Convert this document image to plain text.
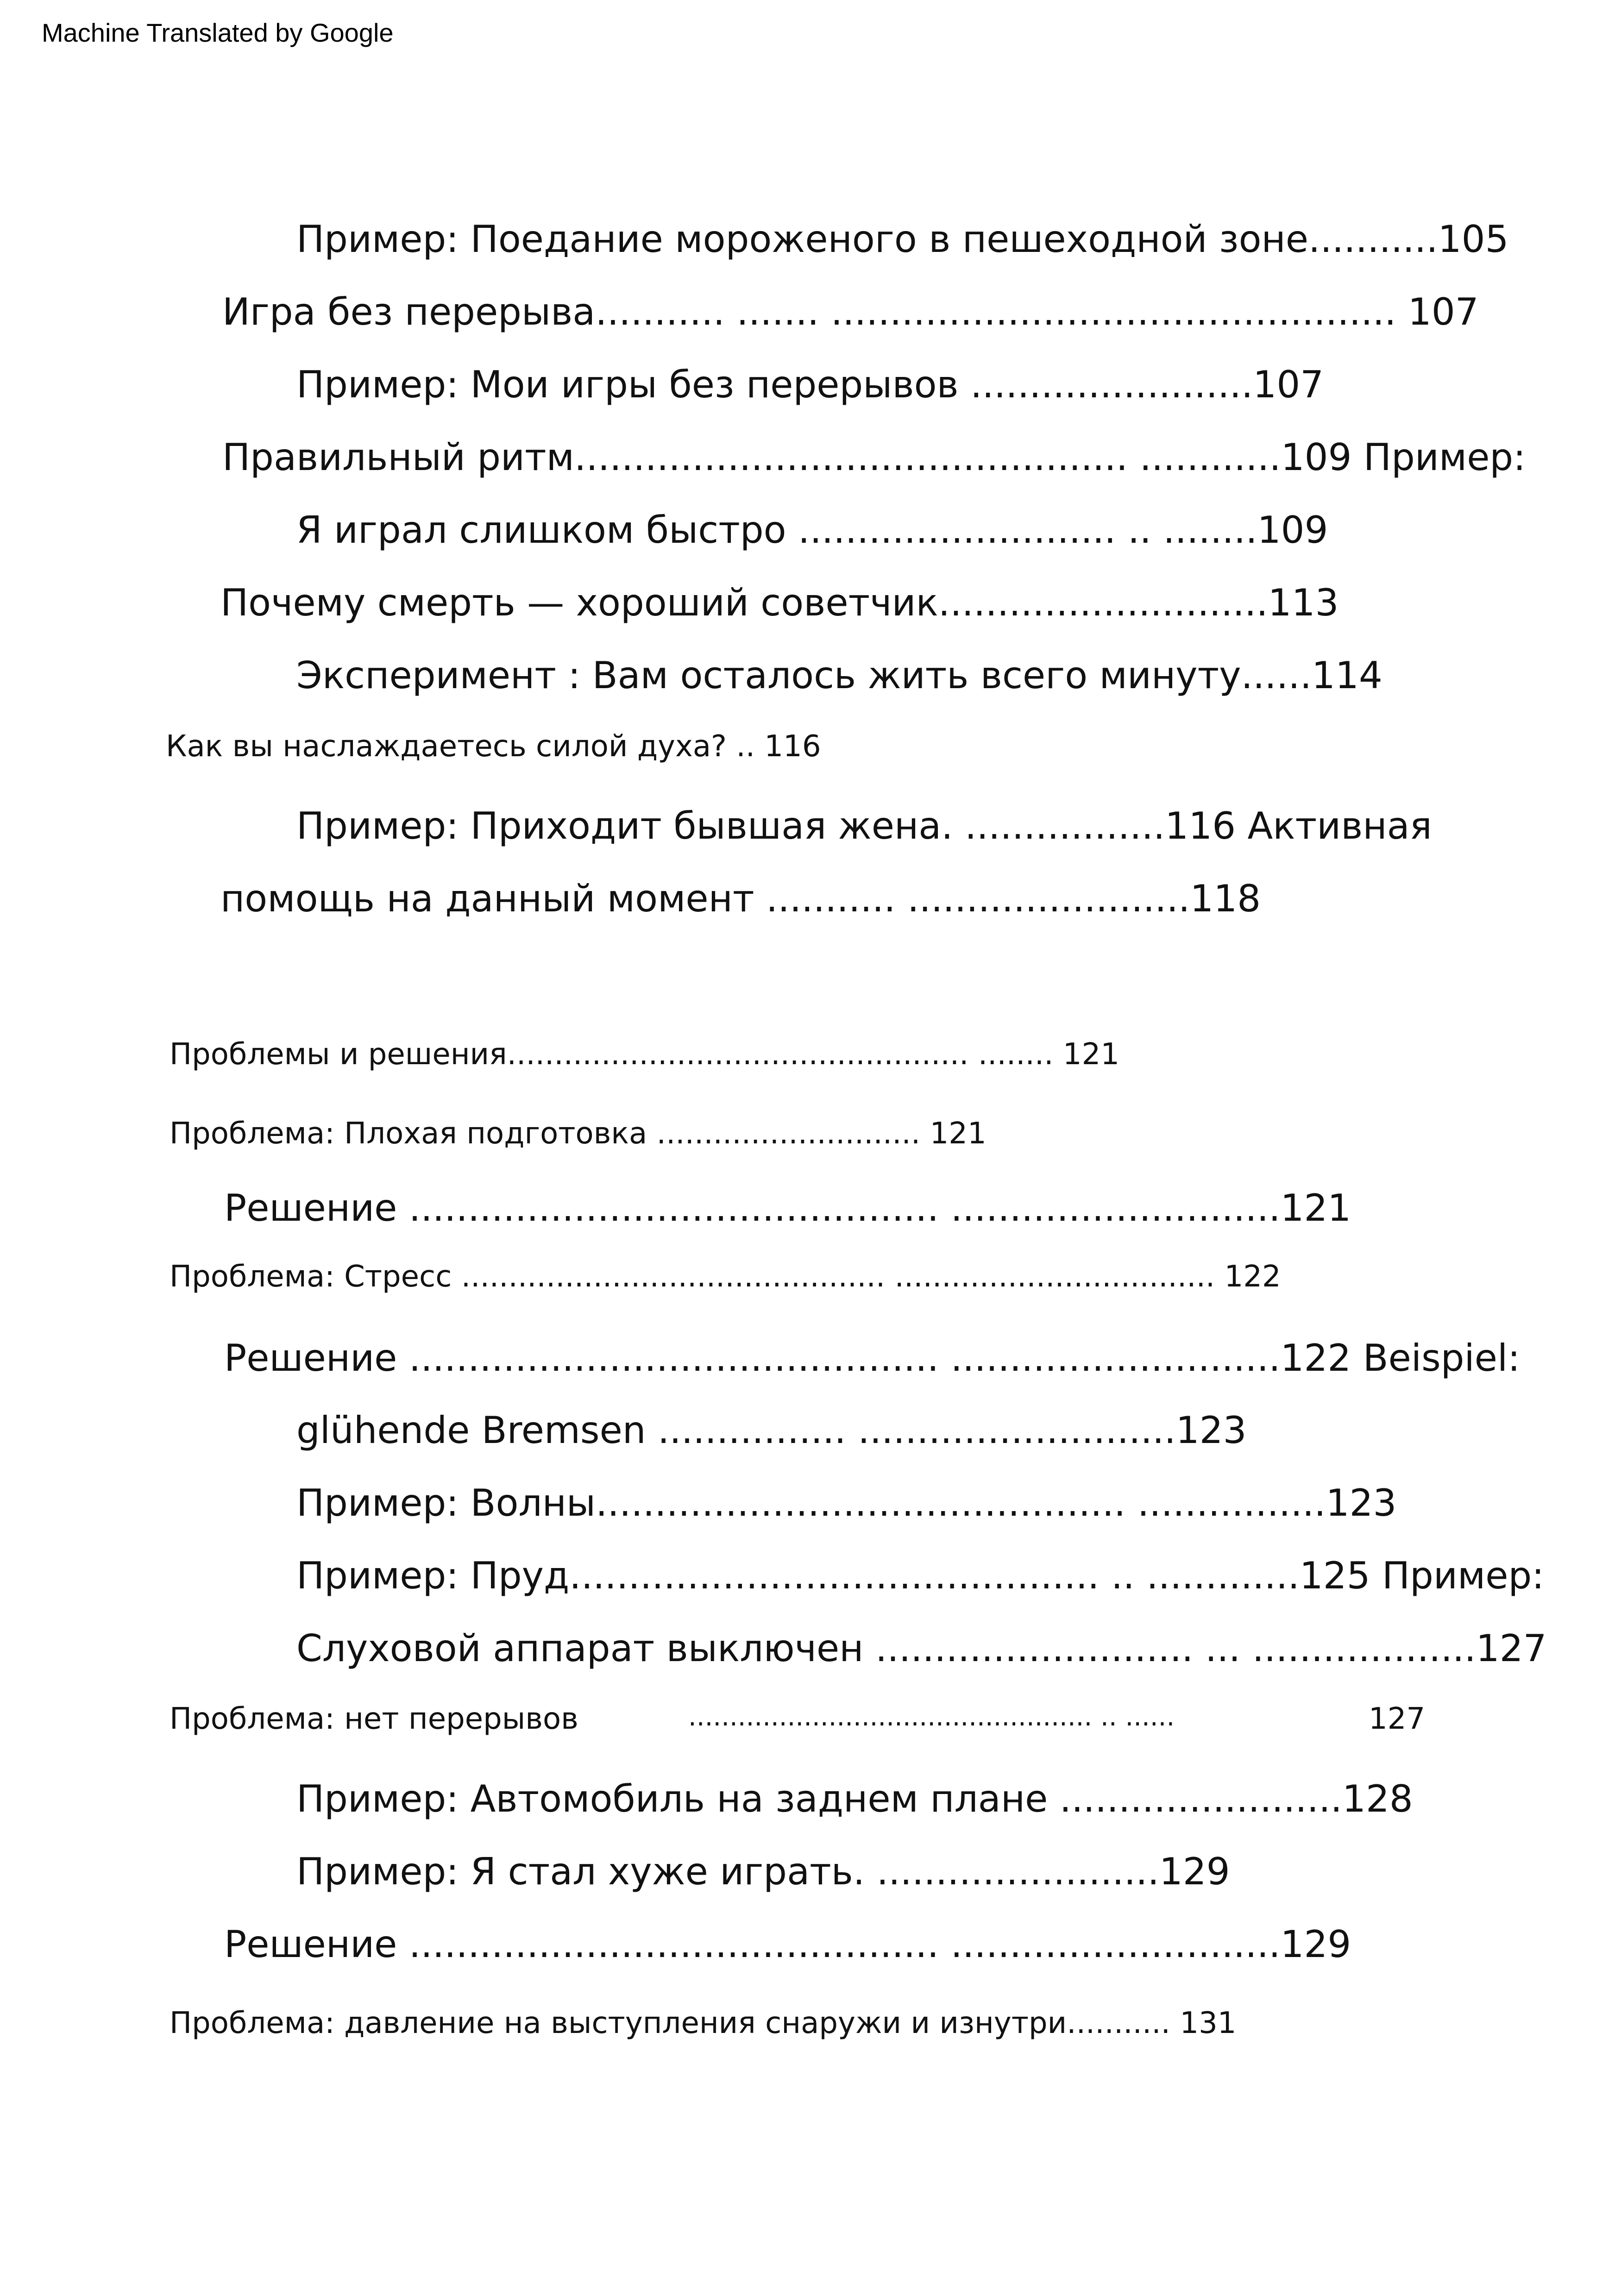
Machine Translated by Google
Пример: Поедание мороженого в пешеходной зоне...........105
Игра без перерыва........... ....... ................................................ 107
Пример: Мои игры без перерывов ........................107
Правильный ритм............................................... ............109 Пример:
Я играл слишком быстро ........................... .. ........109
Почему смерть — хороший советчик............................113
Эксперимент : Вам осталось жить всего минуту......114
Как вы наслаждаетесь силой духа? .. 116
Пример: Приходит бывшая жена. .................116 Активная
помощь на данный момент ........... ........................118
Проблемы и решения................................................. ........ 121
Проблема: Плохая подготовка ............................ 121
Решение ............................................. ............................121
Проблема: Стресс ............................................. .................................. 122
Решение ............................................. ............................122 Beispiel:
glühende Bremsen ................ ...........................123
Пример: Волны............................................. ................123
Пример: Пруд............................................. .. .............125 Пример:
Слуховой аппарат выключен ........................... ... ...................127
Проблема: нет перерывов	................................................. .. ......	127
Пример: Автомобиль на заднем плане ........................128
Пример: Я стал хуже играть. ........................129
Решение ............................................. ............................129
Проблема: давление на выступления снаружи и изнутри........... 131
